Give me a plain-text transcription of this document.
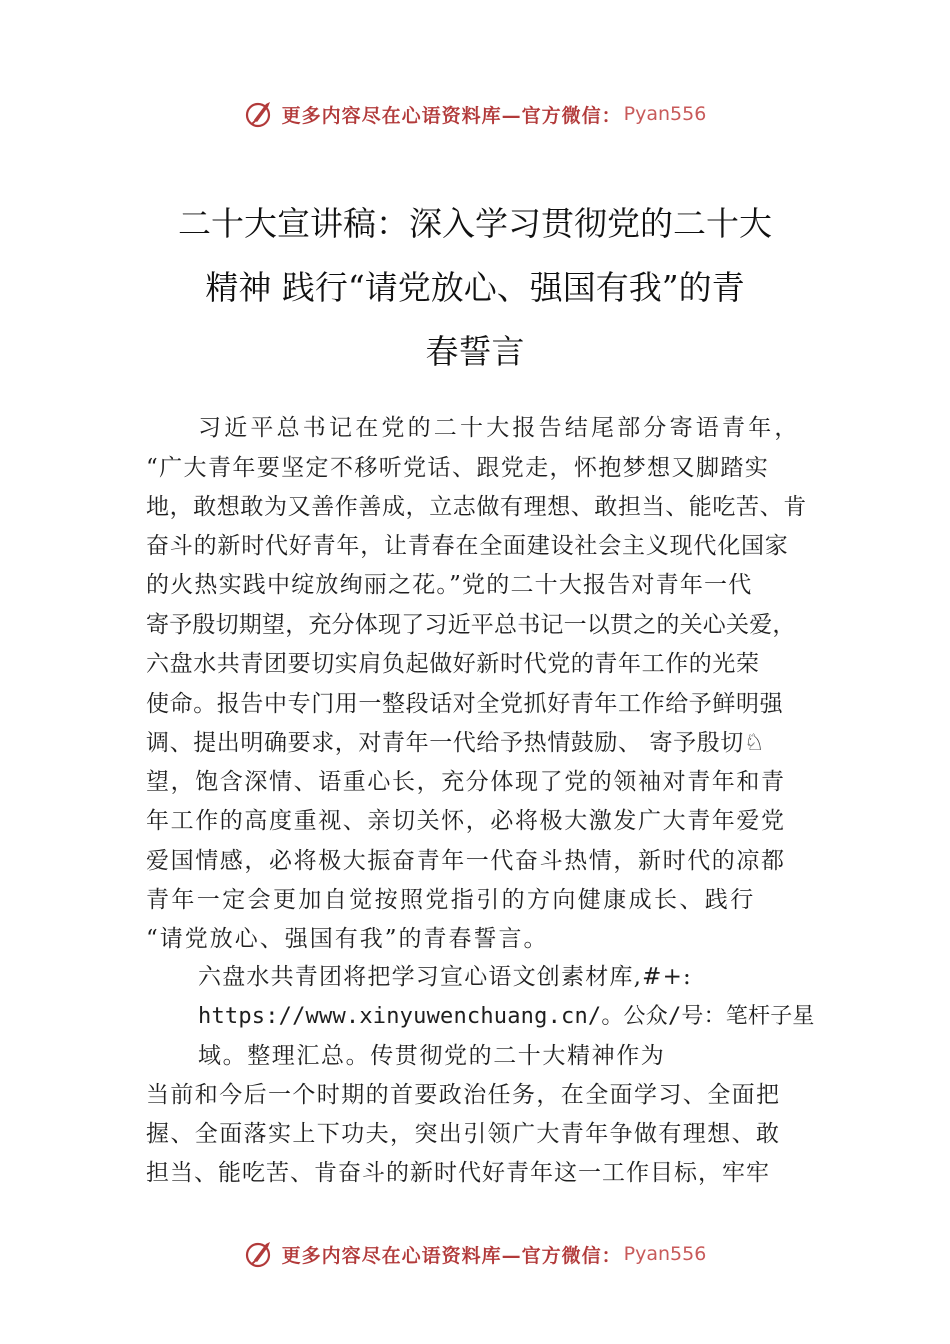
更多内容尽在心语资料库—官方微信： Pyan556
二十大宣讲稿：深入学习贯彻党的二十大
精神 践行“请党放心、强国有我”的青
春誓言
习近平总书记在党的二十大报告结尾部分寄语青年，
“广大青年要坚定不移听党话、跟党走，怀抱梦想又脚踏实
地，敢想敢为又善作善成，立志做有理想、敢担当、能吃苦、肯
奋斗的新时代好青年，让青春在全面建设社会主义现代化国家
的火热实践中绽放绚丽之花。”党的二十大报告对青年一代
寄予殷切期望，充分体现了习近平总书记一以贯之的关心关爱，
六盘水共青团要切实肩负起做好新时代党的青年工作的光荣
使命。报告中专门用一整段话对全党抓好青年工作给予鲜明强
调、提出明确要求，对青年一代给予热情鼓励、 寄予殷切♘
望，饱含深情、语重心长，充分体现了党的领袖对青年和青
年工作的高度重视、亲切关怀，必将极大激发广大青年爱党
爱国情感，必将极大振奋青年一代奋斗热情，新时代的凉都
青年一定会更加自觉按照党指引的方向健康成长、践行
“请党放心、强国有我”的青春誓言。
六盘水共青团将把学习宣心语文创素材库,#+:
https://www.xinyuwenchuang.cn/。公众/号：笔杆子星
域。整理汇总。传贯彻党的二十大精神作为
当前和今后一个时期的首要政治任务，在全面学习、全面把
握、全面落实上下功夫，突出引领广大青年争做有理想、敢
担当、能吃苦、肯奋斗的新时代好青年这一工作目标，牢牢
更多内容尽在心语资料库—官方微信： Pyan556
